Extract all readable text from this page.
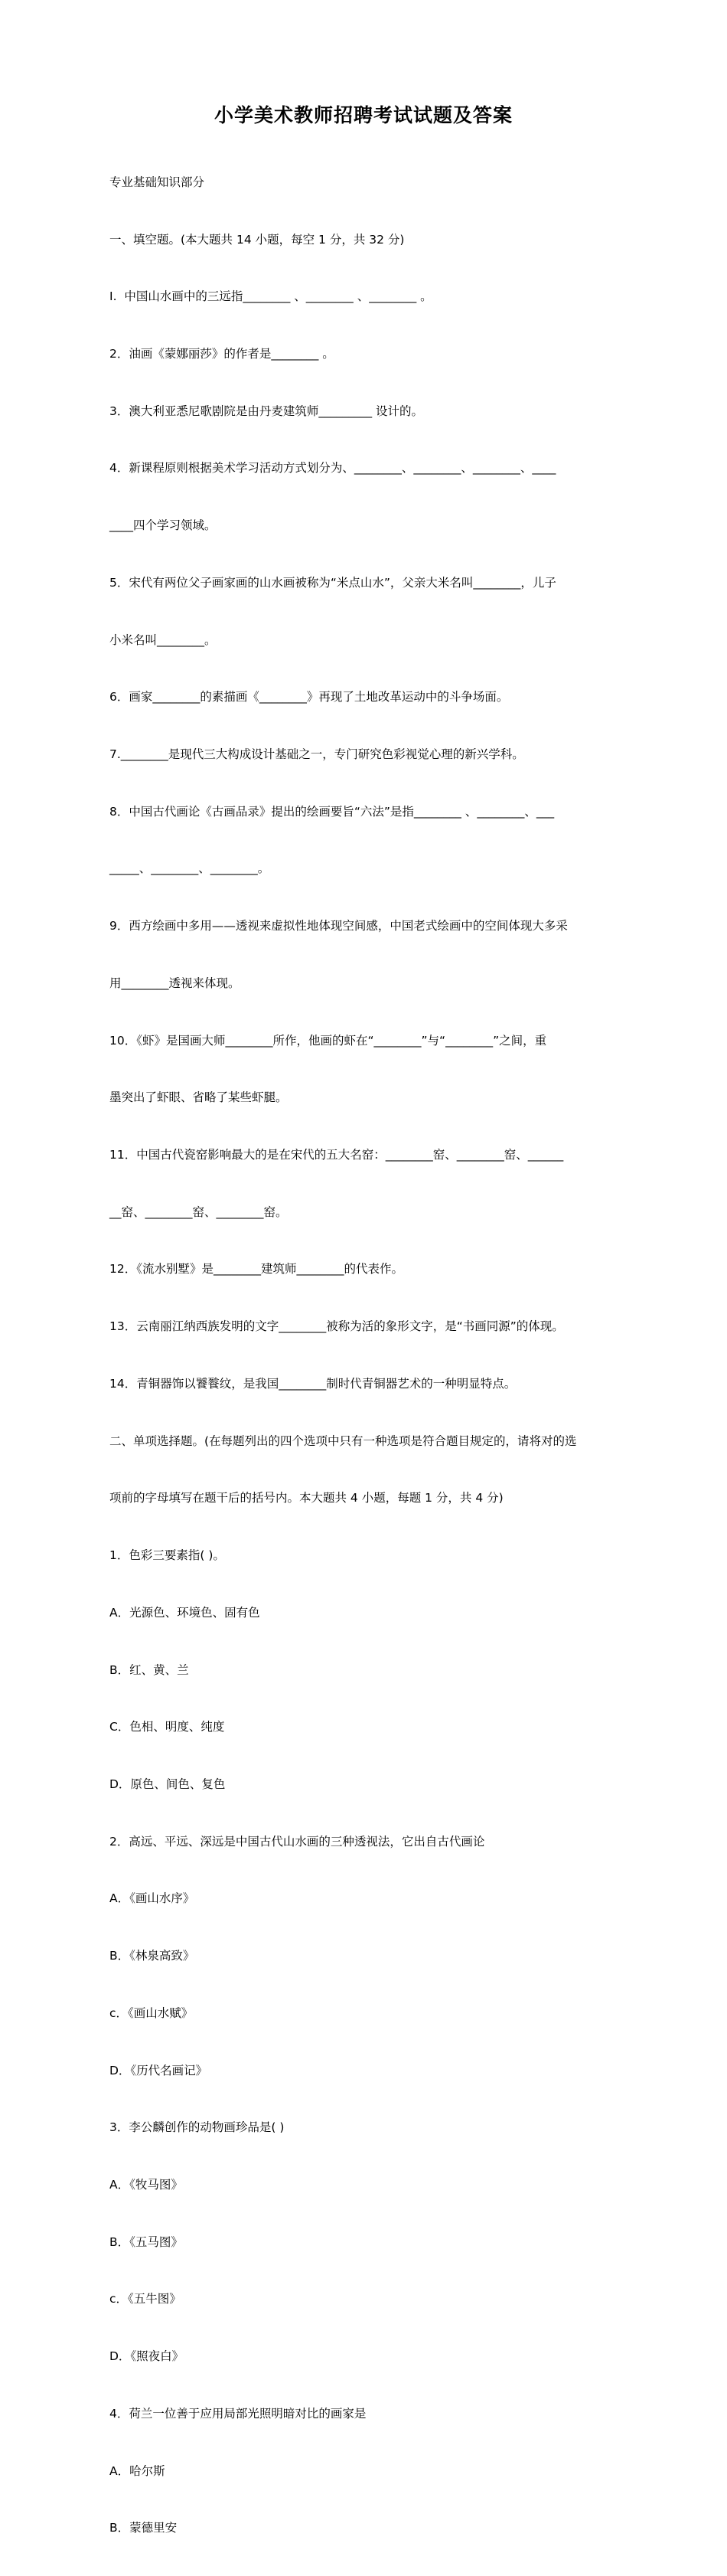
小学美术教师招聘考试试题及答案

专业基础知识部分

一、填空题。(本大题共 14 小题，每空 1 分，共 32 分)

I.  中国山水画中的三远指________ 、________ 、________ 。

2．油画《蒙娜丽莎》的作者是________ 。

3．澳大利亚悉尼歌剧院是由丹麦建筑师_________ 设计的。

4．新课程原则根据美术学习活动方式划分为、________、________、________、____

____四个学习领域。

5．宋代有两位父子画家画的山水画被称为“米点山水”，父亲大米名叫________，儿子

小米名叫________。

6．画家________的素描画《________》再现了土地改革运动中的斗争场面。

7.________是现代三大构成设计基础之一，专门研究色彩视觉心理的新兴学科。

8．中国古代画论《古画品录》提出的绘画要旨“六法”是指________ 、________、___

_____、________、________。

9．西方绘画中多用——透视来虚拟性地体现空间感，中国老式绘画中的空间体现大多采

用________透视来体现。

10．《虾》是国画大师________所作，他画的虾在“________”与“________”之间，重

墨突出了虾眼、省略了某些虾腿。

11．中国古代瓷窑影响最大的是在宋代的五大名窑：________窑、________窑、______

__窑、________窑、________窑。

12．《流水别墅》是________建筑师________的代表作。

13．云南丽江纳西族发明的文字________被称为活的象形文字，是“书画同源”的体现。

14．青铜器饰以饕餮纹，是我国________制时代青铜器艺术的一种明显特点。

二、单项选择题。(在每题列出的四个选项中只有一种选项是符合题目规定的，请将对的选

项前的字母填写在题干后的括号内。本大题共 4 小题，每题 1 分，共 4 分)

1．色彩三要素指( )。

A．光源色、环境色、固有色

B．红、黄、兰

C．色相、明度、纯度

D．原色、间色、复色

2．高远、平远、深远是中国古代山水画的三种透视法，它出自古代画论

A．《画山水序》

B．《林泉高致》

c．《画山水赋》

D．《历代名画记》

3．李公麟创作的动物画珍品是( )

A．《牧马图》

B．《五马图》

c．《五牛图》

D．《照夜白》

4．荷兰一位善于应用局部光照明暗对比的画家是

A．哈尔斯

B．蒙德里安
